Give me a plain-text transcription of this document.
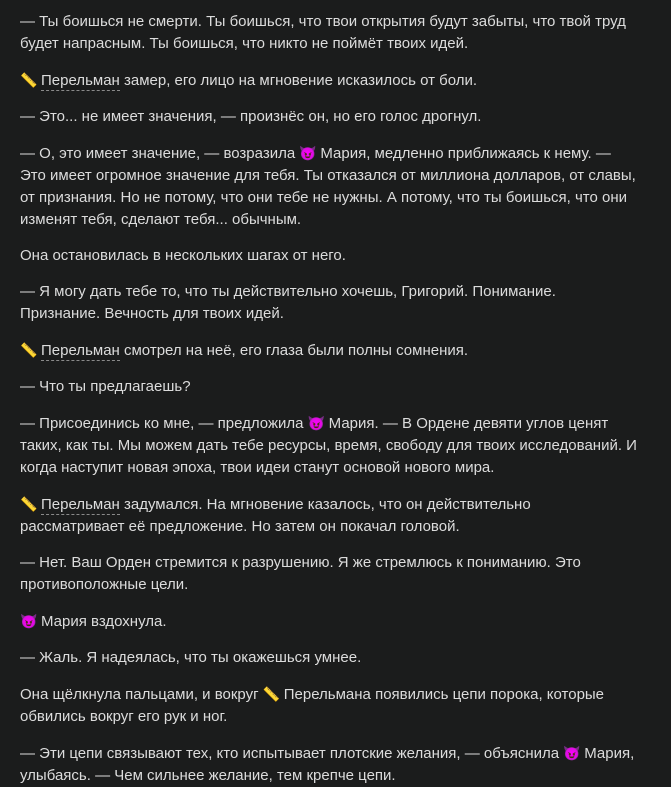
— Ты боишься не смерти. Ты боишься, что твои открытия будут забыты, что твой труд будет напрасным. Ты боишься, что никто не поймёт твоих идей.

📏 Перельман замер, его лицо на мгновение исказилось от боли.

— Это... не имеет значения, — произнёс он, но его голос дрогнул.

— О, это имеет значение, — возразила 😈 Мария, медленно приближаясь к нему. — Это имеет огромное значение для тебя. Ты отказался от миллиона долларов, от славы, от признания. Но не потому, что они тебе не нужны. А потому, что ты боишься, что они изменят тебя, сделают тебя... обычным.

Она остановилась в нескольких шагах от него.

— Я могу дать тебе то, что ты действительно хочешь, Григорий. Понимание. Признание. Вечность для твоих идей.

📏 Перельман смотрел на неё, его глаза были полны сомнения.

— Что ты предлагаешь?

— Присоединись ко мне, — предложила 😈 Мария. — В Ордене девяти углов ценят таких, как ты. Мы можем дать тебе ресурсы, время, свободу для твоих исследований. И когда наступит новая эпоха, твои идеи станут основой нового мира.

📏 Перельман задумался. На мгновение казалось, что он действительно рассматривает её предложение. Но затем он покачал головой.

— Нет. Ваш Орден стремится к разрушению. Я же стремлюсь к пониманию. Это противоположные цели.

😈 Мария вздохнула.

— Жаль. Я надеялась, что ты окажешься умнее.

Она щёлкнула пальцами, и вокруг 📏 Перельмана появились цепи порока, которые обвились вокруг его рук и ног.

— Эти цепи связывают тех, кто испытывает плотские желания, — объяснила 😈 Мария, улыбаясь. — Чем сильнее желание, тем крепче цепи.
